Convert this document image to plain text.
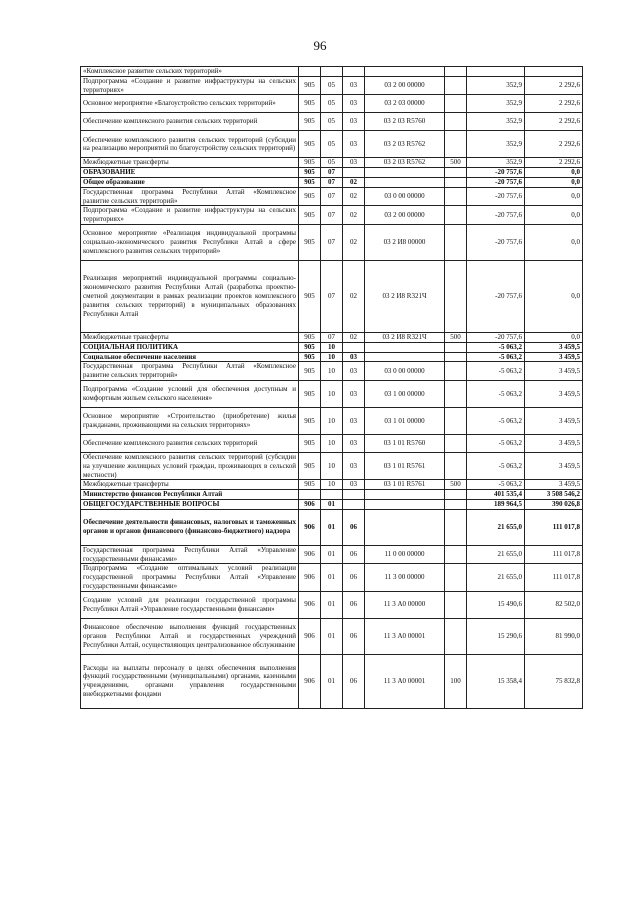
96
«Комплексное развитие сельских территорий»							
Подпрограмма «Создание и развитие инфраструктуры на сельских территориях»	905	05	03	03 2 00 00000		352,9	2 292,6
Основное мероприятие «Благоустройство сельских территорий»	905	05	03	03 2 03 00000		352,9	2 292,6
Обеспечение комплексного развития сельских территорий	905	05	03	03 2 03 R5760		352,9	2 292,6
Обеспечение комплексного развития сельских территорий (субсидии на реализацию мероприятий по благоустройству сельских территорий)	905	05	03	03 2 03 R5762		352,9	2 292,6
Межбюджетные трансферты	905	05	03	03 2 03 R5762	500	352,9	2 292,6
ОБРАЗОВАНИЕ	905	07				-20 757,6	0,0
Общее образование	905	07	02			-20 757,6	0,0
Государственная программа Республики Алтай «Комплексное развитие сельских территорий»	905	07	02	03 0 00 00000		-20 757,6	0,0
Подпрограмма «Создание и развитие инфраструктуры на сельских территориях»	905	07	02	03 2 00 00000		-20 757,6	0,0
Основное мероприятие «Реализация индивидуальной программы социально-экономического развития Республики Алтай в сфере комплексного развития сельских территорий»	905	07	02	03 2 И8 00000		-20 757,6	0,0
Реализация мероприятий индивидуальной программы социально-экономического развития Республики Алтай (разработка проектно-сметной документации в рамках реализации проектов комплексного развития сельских территорий) в муниципальных образованиях Республики Алтай	905	07	02	03 2 И8 R321Ч		-20 757,6	0,0
Межбюджетные трансферты	905	07	02	03 2 И8 R321Ч	500	-20 757,6	0,0
СОЦИАЛЬНАЯ ПОЛИТИКА	905	10				-5 063,2	3 459,5
Социальное обеспечение населения	905	10	03			-5 063,2	3 459,5
Государственная программа Республики Алтай «Комплексное развитие сельских территорий»	905	10	03	03 0 00 00000		-5 063,2	3 459,5
Подпрограмма «Создание условий для обеспечения доступным и комфортным жильем сельского населения»	905	10	03	03 1 00 00000		-5 063,2	3 459,5
Основное мероприятие «Строительство (приобретение) жилья гражданами, проживающими на сельских территориях»	905	10	03	03 1 01 00000		-5 063,2	3 459,5
Обеспечение комплексного развития сельских территорий	905	10	03	03 1 01 R5760		-5 063,2	3 459,5
Обеспечение комплексного развития сельских территорий (субсидии на улучшение жилищных условий граждан, проживающих в сельской местности)	905	10	03	03 1 01 R5761		-5 063,2	3 459,5
Межбюджетные трансферты	905	10	03	03 1 01 R5761	500	-5 063,2	3 459,5
Министерство финансов Республики Алтай						401 535,4	3 508 546,2
ОБЩЕГОСУДАРСТВЕННЫЕ ВОПРОСЫ	906	01				189 964,5	390 026,8
Обеспечение деятельности финансовых, налоговых и таможенных органов и органов финансового (финансово-бюджетного) надзора	906	01	06			21 655,0	111 017,8
Государственная программа Республики Алтай «Управление государственными финансами»	906	01	06	11 0 00 00000		21 655,0	111 017,8
Подпрограмма «Создание оптимальных условий реализации государственной программы Республики Алтай «Управление государственными финансами»	906	01	06	11 3 00 00000		21 655,0	111 017,8
Создание условий для реализации государственной программы Республики Алтай «Управление государственными финансами»	906	01	06	11 3 А0 00000		15 490,6	82 502,0
Финансовое обеспечение выполнения функций государственных органов Республики Алтай и государственных учреждений Республики Алтай, осуществляющих централизованное обслуживание	906	01	06	11 3 А0 00001		15 290,6	81 990,0
Расходы на выплаты персоналу в целях обеспечения выполнения функций государственными (муниципальными) органами, казенными учреждениями, органами управления государственными внебюджетными фондами	906	01	06	11 3 А0 00001	100	15 358,4	75 832,8
